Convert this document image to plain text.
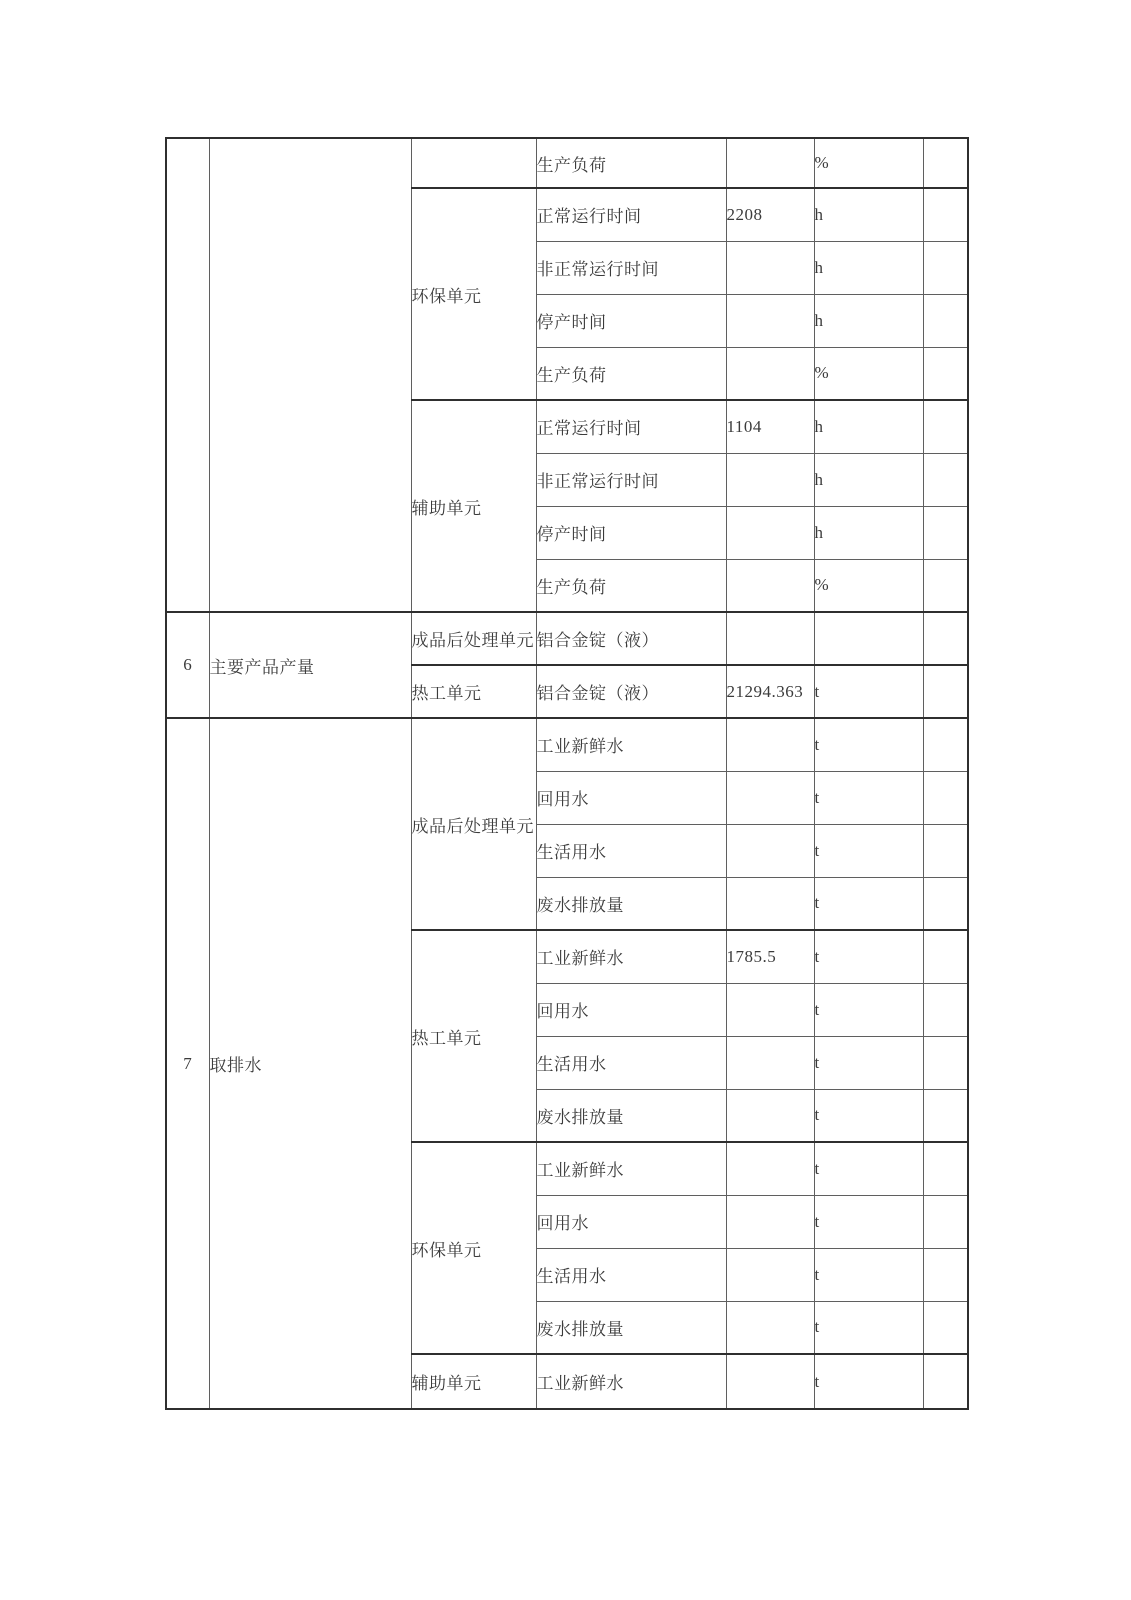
			生产负荷		%	
		环保单元	正常运行时间	2208	h	
			非正常运行时间		h	
			停产时间		h	
			生产负荷		%	
		辅助单元	正常运行时间	1104	h	
			非正常运行时间		h	
			停产时间		h	
			生产负荷		%	
6	主要产品产量	成品后处理单元	铝合金锭（液）			
		热工单元	铝合金锭（液）	21294.363	t	
7	取排水	成品后处理单元	工业新鲜水		t	
			回用水		t	
			生活用水		t	
			废水排放量		t	
		热工单元	工业新鲜水	1785.5	t	
			回用水		t	
			生活用水		t	
			废水排放量		t	
		环保单元	工业新鲜水		t	
			回用水		t	
			生活用水		t	
			废水排放量		t	
		辅助单元	工业新鲜水		t	
